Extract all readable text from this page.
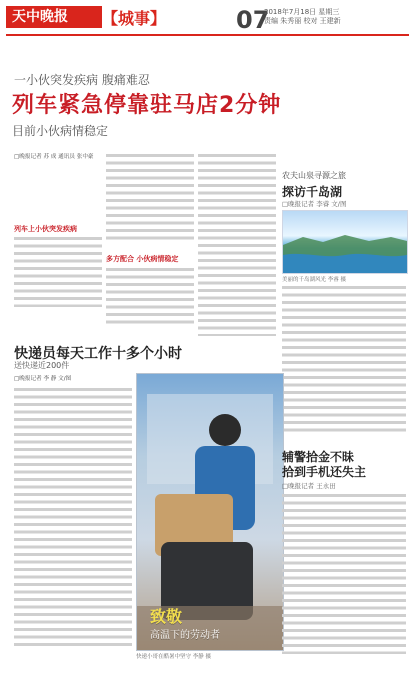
天中晚报	【城事】	07
2018年7月18日 星期三
责编 朱秀丽 校对 王建新
一小伙突发疾病 腹痛难忍
列车紧急停靠驻马店2分钟
目前小伙病情稳定
□晚报记者 苏 成 通讯员 张中豪
列车上小伙突发疾病
多方配合 小伙病情稳定
农夫山泉寻源之旅
探访千岛湖
□晚报记者 李睿 文/图
美丽的千岛湖风光 李睿 摄
快递员每天工作十多个小时
送快递近200件
□晚报记者 李 静 文/图
致敬
高温下的劳动者
快递小哥在酷暑中坚守 李静 摄
辅警拾金不昧
拾到手机还失主
□晚报记者 王永田
